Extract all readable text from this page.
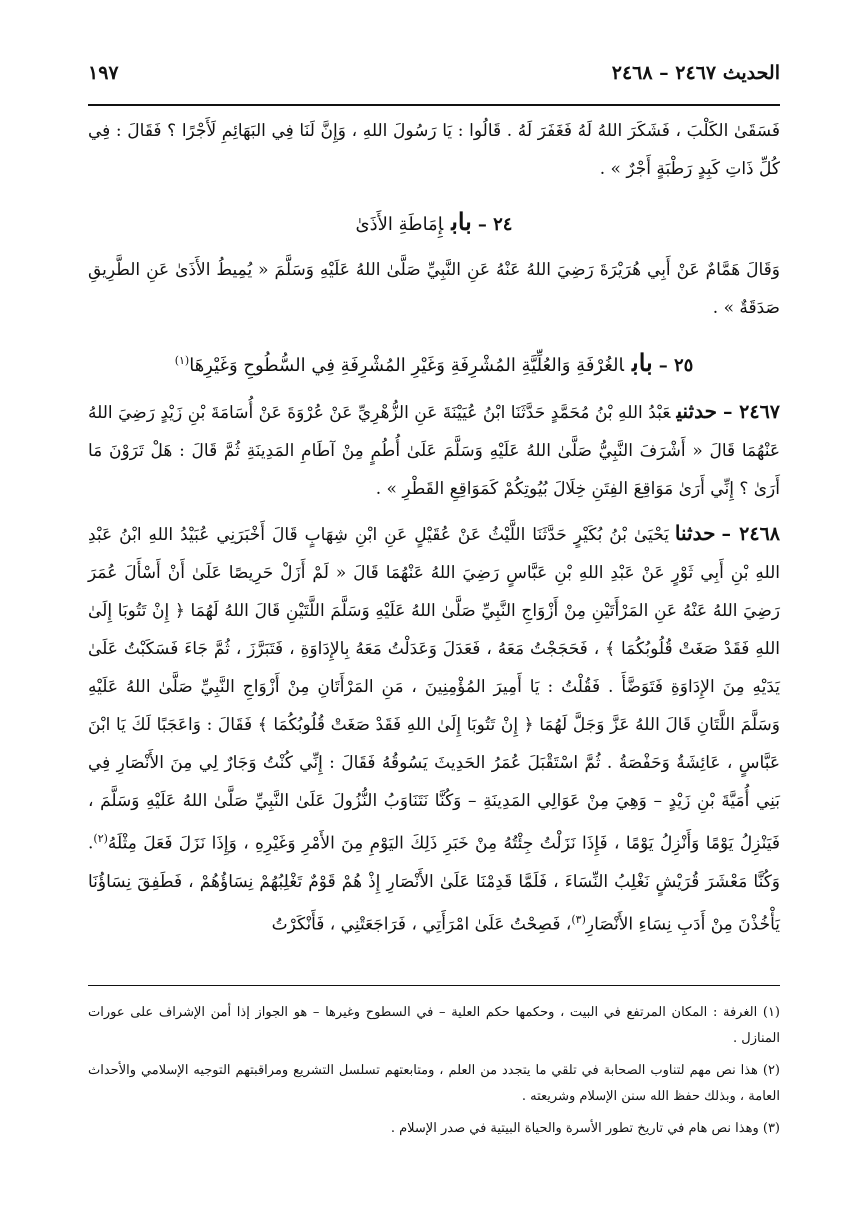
الحديث ٢٤٦٧ – ٢٤٦٨
١٩٧

فَسَقَىٰ الكَلْبَ ، فَشَكَرَ اللهُ لَهُ فَغَفَرَ لَهُ . قَالُوا : يَا رَسُولَ اللهِ ، وَإِنَّ لَنَا فِي البَهَائِمِ لَأَجْرًا ؟ فَقَالَ : فِي كُلِّ ذَاتِ كَبِدٍ رَطْبَةٍ أَجْرٌ » .

٢٤ –بابإِمَاطَةِ الأَذَىٰ

وَقَالَ هَمَّامٌ عَنْ أَبِي هُرَيْرَةَ رَضِيَ اللهُ عَنْهُ عَنِ النَّبِيِّ صَلَّىٰ اللهُ عَلَيْهِ وَسَلَّمَ « يُمِيطُ الأَذَىٰ عَنِ الطَّرِيقِ صَدَقَةٌ » .

٢٥ –بابالغُرْفَةِ وَالعُلِّيَّةِ المُشْرِفَةِ وَغَيْرِ المُشْرِفَةِ فِي السُّطُوحِ وَغَيْرِهَا$^{(١)}$

٢٤٦٧ –حدثنيعَبْدُ اللهِ بْنُ مُحَمَّدٍ حَدَّثَنَا ابْنُ عُيَيْنَةَ عَنِ الزُّهْرِيِّ عَنْ عُرْوَةَ عَنْ أُسَامَةَ بْنِ زَيْدٍ رَضِيَ اللهُ عَنْهُمَا قَالَ « أَشْرَفَ النَّبِيُّ صَلَّىٰ اللهُ عَلَيْهِ وَسَلَّمَ عَلَىٰ أُطُمٍ مِنْ آطَامِ المَدِينَةِ ثُمَّ قَالَ : هَلْ تَرَوْنَ مَا أَرَىٰ ؟ إِنِّي أَرَىٰ مَوَاقِعَ الفِتَنِ خِلَالَ بُيُوتِكُمْ كَمَوَاقِعِ القَطْرِ » .

٢٤٦٨ –حدثنايَحْيَىٰ بْنُ بُكَيْرٍ حَدَّثَنَا اللَّيْثُ عَنْ عُقَيْلٍ عَنِ ابْنِ شِهَابٍ قَالَ أَخْبَرَنِي عُبَيْدُ اللهِ ابْنُ عَبْدِ اللهِ بْنِ أَبِي ثَوْرٍ عَنْ عَبْدِ اللهِ بْنِ عَبَّاسٍ رَضِيَ اللهُ عَنْهُمَا قَالَ « لَمْ أَزَلْ حَرِيصًا عَلَىٰ أَنْ أَسْأَلَ عُمَرَ رَضِيَ اللهُ عَنْهُ عَنِ المَرْأَتَيْنِ مِنْ أَزْوَاجِ النَّبِيِّ صَلَّىٰ اللهُ عَلَيْهِ وَسَلَّمَ اللَّتَيْنِ قَالَ اللهُ لَهُمَا ﴿ إِنْ تَتُوبَا إِلَىٰ اللهِ فَقَدْ صَغَتْ قُلُوبُكُمَا ﴾ ، فَحَجَجْتُ مَعَهُ ، فَعَدَلَ وَعَدَلْتُ مَعَهُ بِالإِدَاوَةِ ، فَتَبَرَّزَ ، ثُمَّ جَاءَ فَسَكَبْتُ عَلَىٰ يَدَيْهِ مِنَ الإِدَاوَةِ فَتَوَضَّأَ . فَقُلْتُ : يَا أَمِيرَ المُؤْمِنِينَ ، مَنِ المَرْأَتَانِ مِنْ أَزْوَاجِ النَّبِيِّ صَلَّىٰ اللهُ عَلَيْهِ وَسَلَّمَ اللَّتَانِ قَالَ اللهُ عَزَّ وَجَلَّ لَهُمَا ﴿ إِنْ تَتُوبَا إِلَىٰ اللهِ فَقَدْ صَغَتْ قُلُوبُكُمَا ﴾ فَقَالَ : وَاعَجَبًا لَكَ يَا ابْنَ عَبَّاسٍ ، عَائِشَةُ وَحَفْصَةُ . ثُمَّ اسْتَقْبَلَ عُمَرُ الحَدِيثَ يَسُوقُهُ فَقَالَ : إِنِّي كُنْتُ وَجَارٌ لِي مِنَ الأَنْصَارِ فِي بَنِي أُمَيَّةَ بْنِ زَيْدٍ – وَهِيَ مِنْ عَوَالِي المَدِينَةِ – وَكُنَّا نَتَنَاوَبُ النُّزُولَ عَلَىٰ النَّبِيِّ صَلَّىٰ اللهُ عَلَيْهِ وَسَلَّمَ ، فَيَنْزِلُ يَوْمًا وَأَنْزِلُ يَوْمًا ، فَإِذَا نَزَلْتُ جِئْتُهُ مِنْ خَبَرِ ذَلِكَ اليَوْمِ مِنَ الأَمْرِ وَغَيْرِهِ ، وَإِذَا نَزَلَ فَعَلَ مِثْلَهُ$^{(٢)}$. وَكُنَّا مَعْشَرَ قُرَيْشٍ نَغْلِبُ النِّسَاءَ ، فَلَمَّا قَدِمْنَا عَلَىٰ الأَنْصَارِ إِذْ هُمْ قَوْمٌ تَغْلِبُهُمْ نِسَاؤُهُمْ ، فَطَفِقَ نِسَاؤُنَا يَأْخُذْنَ مِنْ أَدَبِ نِسَاءِ الأَنْصَارِ$^{(٣)}$، فَصِحْتُ عَلَىٰ امْرَأَتِي ، فَرَاجَعَتْنِي ، فَأَنْكَرْتُ

(١) الغرفة : المكان المرتفع في البيت ، وحكمها حكم العلية – في السطوح وغيرها – هو الجواز إذا أمن الإشراف على عورات المنازل .

(٢) هذا نص مهم لتناوب الصحابة في تلقي ما يتجدد من العلم ، ومتابعتهم تسلسل التشريع ومراقبتهم التوجيه الإسلامي والأحداث العامة ، وبذلك حفظ الله سنن الإسلام وشريعته .

(٣) وهذا نص هام في تاريخ تطور الأسرة والحياة البيتية في صدر الإسلام .
